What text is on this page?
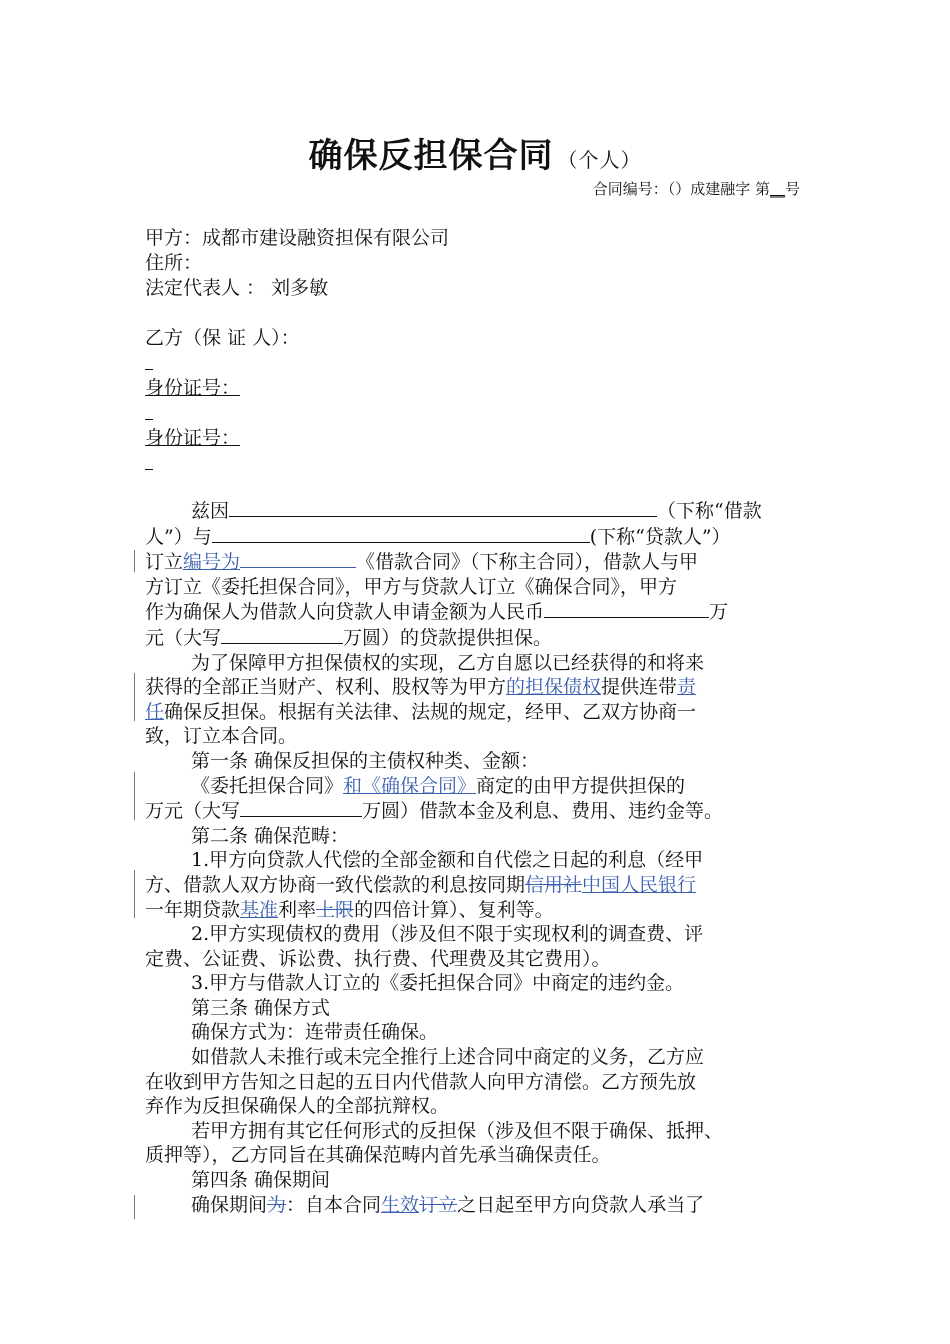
确保反担保合同 （个人）
合同编号：（）成建融字 第__号
甲方：成都市建设融资担保有限公司
住所：
法定代表人 ： 刘多敏
乙方（保 证 人）：
身份证号：
身份证号：

兹因	（下称“借款

人”）与	(下称“贷款人”）

订立编号为	《借款合同》（下称主合同），借款人与甲

方订立《委托担保合同》，甲方与贷款人订立《确保合同》，甲方

作为确保人为借款人向贷款人申请金额为人民币	万

元（大写	万圆）的贷款提供担保。

为了保障甲方担保债权的实现，乙方自愿以已经获得的和将来

获得的全部正当财产、权利、股权等为甲方的担保债权提供连带责

任确保反担保。根据有关法律、法规的规定，经甲、乙双方协商一

致，订立本合同。

第一条 确保反担保的主债权种类、金额：

《委托担保合同》和《确保合同》商定的由甲方提供担保的

万元（大写	万圆）借款本金及利息、费用、违约金等。

第二条 确保范畴：

1.甲方向贷款人代偿的全部金额和自代偿之日起的利息（经甲

方、借款人双方协商一致代偿款的利息按同期信用社中国人民银行

一年期贷款基准利率上限的四倍计算）、复利等。

2.甲方实现债权的费用（涉及但不限于实现权利的调查费、评

定费、公证费、诉讼费、执行费、代理费及其它费用）。

3.甲方与借款人订立的《委托担保合同》中商定的违约金。

第三条 确保方式

确保方式为：连带责任确保。

如借款人未推行或未完全推行上述合同中商定的义务，乙方应

在收到甲方告知之日起的五日内代借款人向甲方清偿。乙方预先放

弃作为反担保确保人的全部抗辩权。

若甲方拥有其它任何形式的反担保（涉及但不限于确保、抵押、

质押等），乙方同旨在其确保范畴内首先承当确保责任。

第四条 确保期间

确保期间为：自本合同生效订立之日起至甲方向贷款人承当了
